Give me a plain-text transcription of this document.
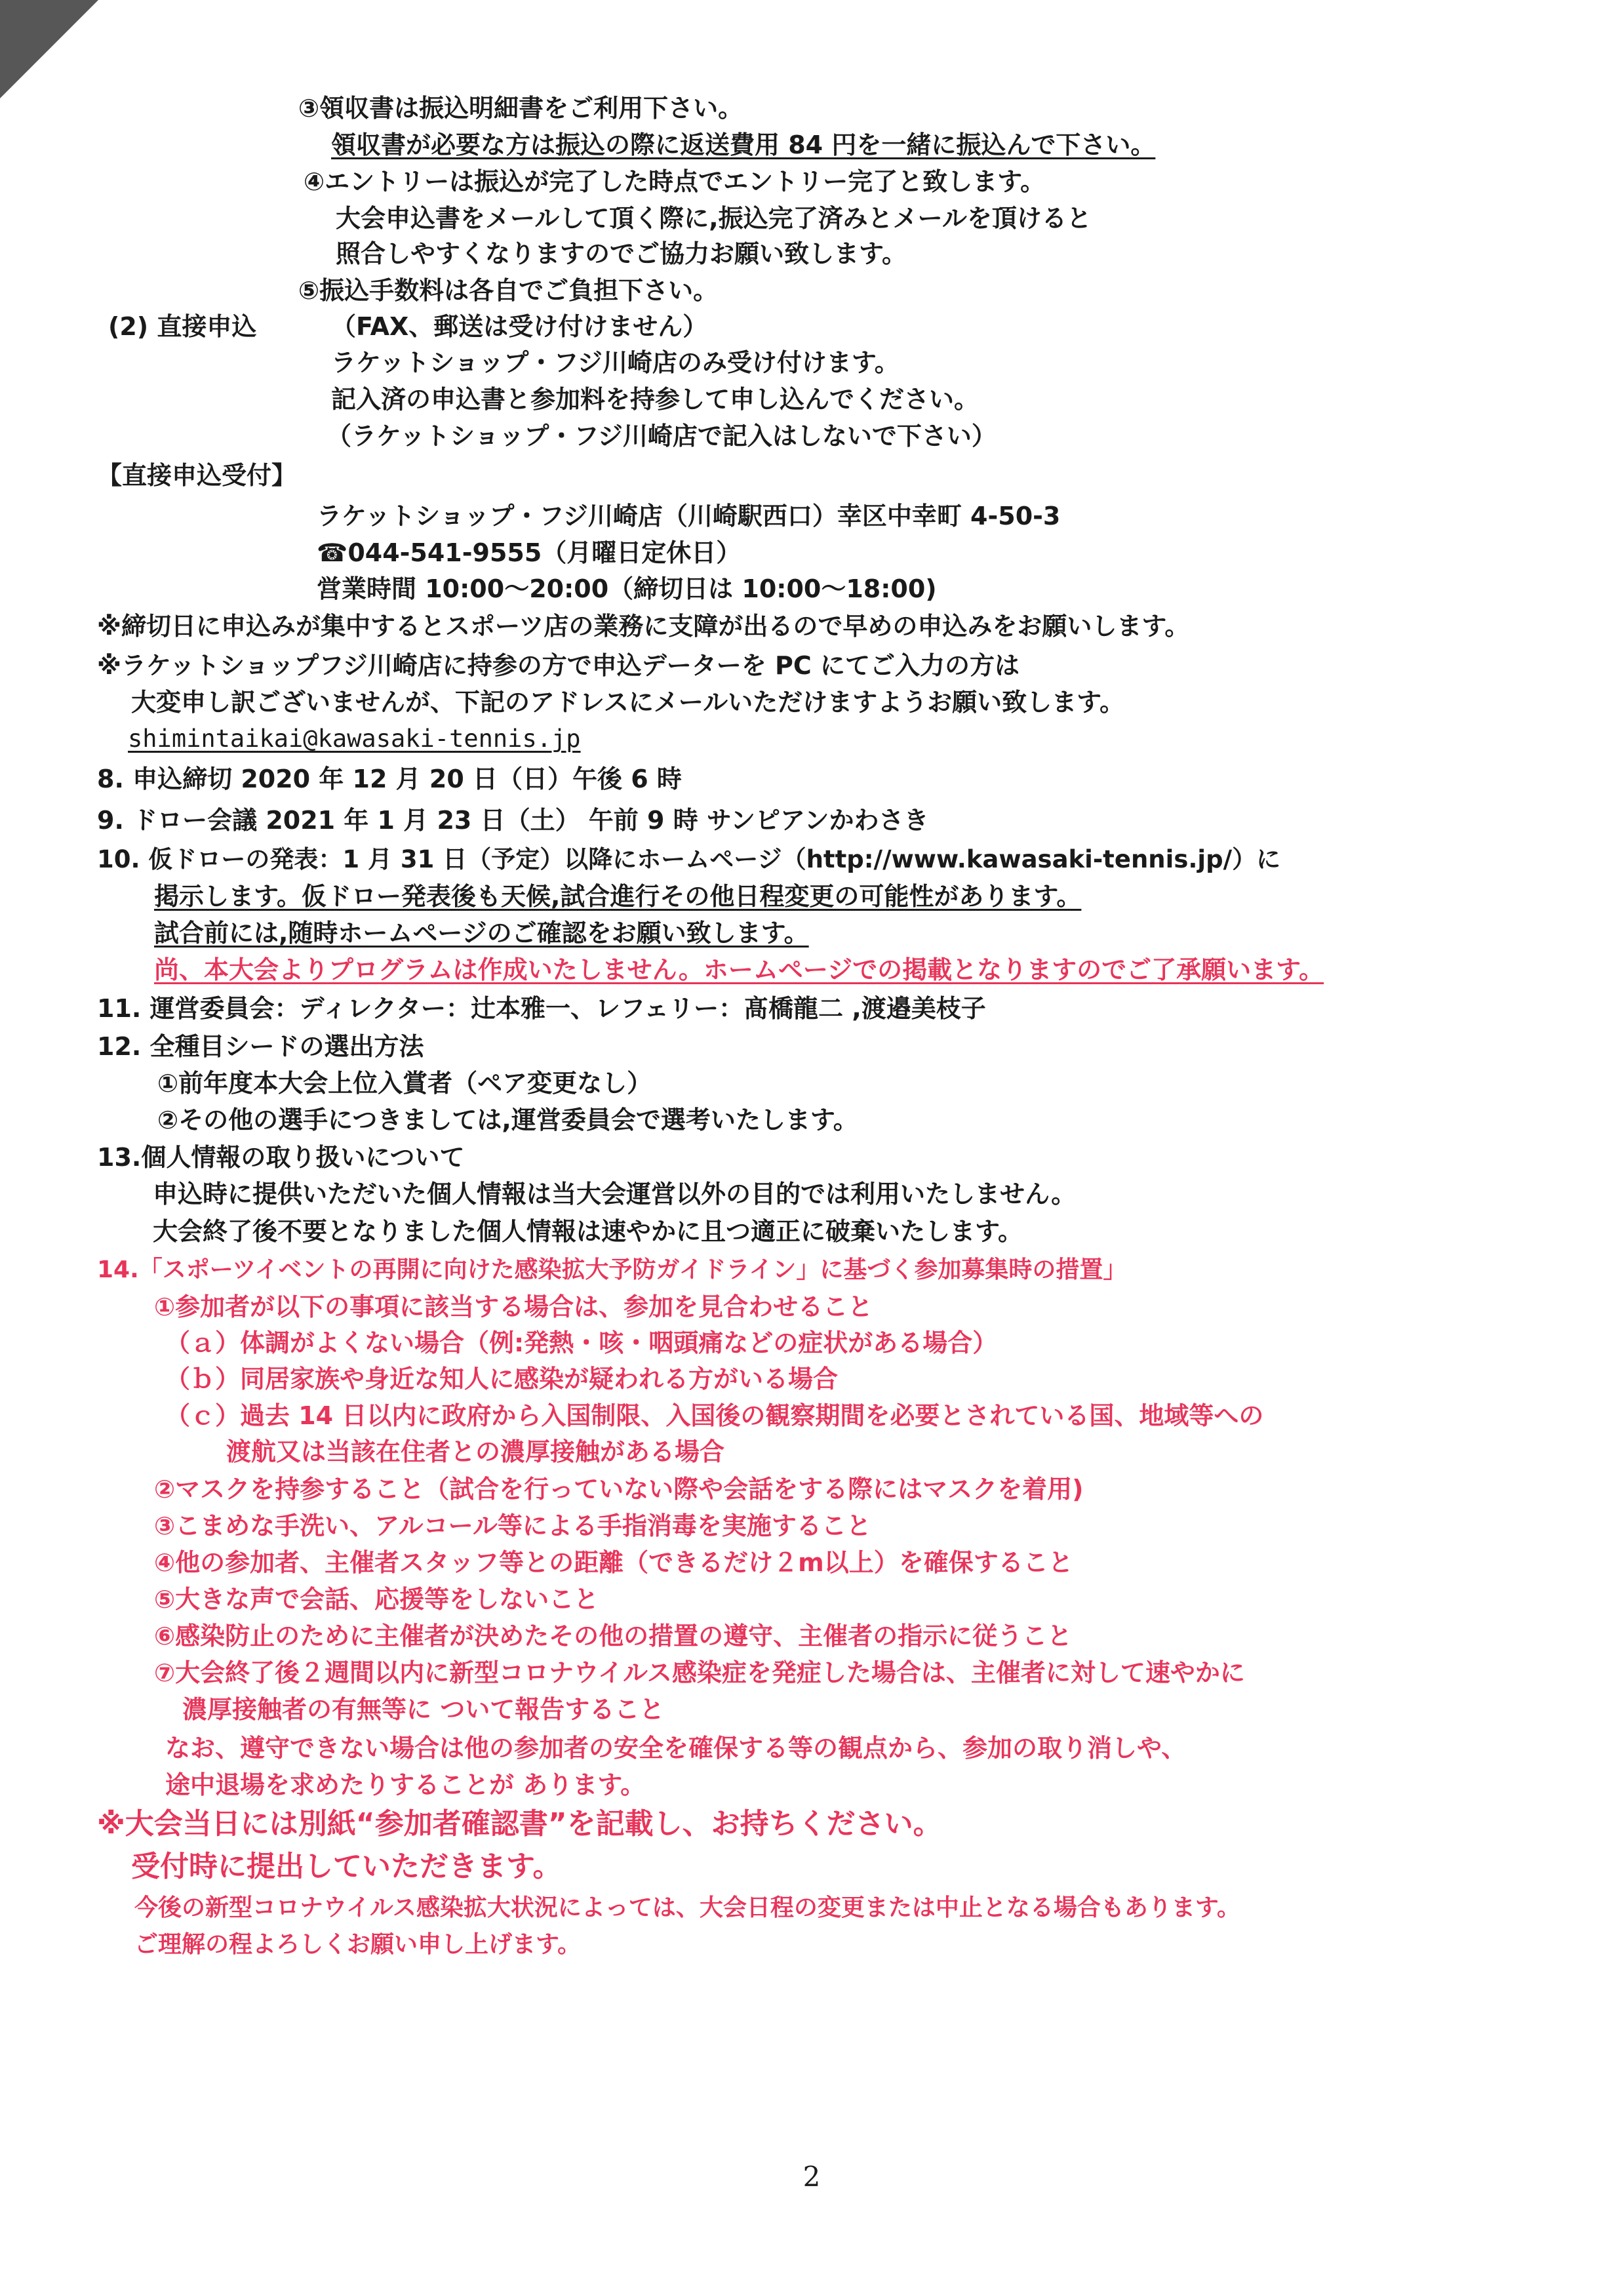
③領収書は振込明細書をご利用下さい。
領収書が必要な方は振込の際に返送費用 84 円を一緒に振込んで下さい。
④エントリーは振込が完了した時点でエントリー完了と致します。
大会申込書をメールして頂く際に,振込完了済みとメールを頂けると
照合しやすくなりますのでご協力お願い致します。
⑤振込手数料は各自でご負担下さい。
(2) 直接申込	（FAX、郵送は受け付けません）
ラケットショップ・フジ川崎店のみ受け付けます。
記入済の申込書と参加料を持参して申し込んでください。
（ラケットショップ・フジ川崎店で記入はしないで下さい）
【直接申込受付】
ラケットショップ・フジ川崎店（川崎駅西口）幸区中幸町 4-50-3
☎044-541-9555（月曜日定休日）
営業時間 10:00～20:00（締切日は 10:00～18:00)
※締切日に申込みが集中するとスポーツ店の業務に支障が出るので早めの申込みをお願いします。
※ラケットショップフジ川崎店に持参の方で申込データーを PC にてご入力の方は
大変申し訳ございませんが、下記のアドレスにメールいただけますようお願い致します。
shimintaikai@kawasaki-tennis.jp
8. 申込締切 2020 年 12 月 20 日（日）午後 6 時
9. ドロー会議 2021 年 1 月 23 日（土） 午前 9 時 サンピアンかわさき
10. 仮ドローの発表：1 月 31 日（予定）以降にホームページ（http://www.kawasaki-tennis.jp/）に
掲示します。仮ドロー発表後も天候,試合進行その他日程変更の可能性があります。
試合前には,随時ホームページのご確認をお願い致します。
尚、本大会よりプログラムは作成いたしません。ホームページでの掲載となりますのでご了承願います。
11. 運営委員会：ディレクター：辻本雅一、レフェリー：髙橋龍二 ,渡邉美枝子
12. 全種目シードの選出方法
①前年度本大会上位入賞者（ペア変更なし）
②その他の選手につきましては,運営委員会で選考いたします。
13.個人情報の取り扱いについて
申込時に提供いただいた個人情報は当大会運営以外の目的では利用いたしません。
大会終了後不要となりました個人情報は速やかに且つ適正に破棄いたします。
14.「スポーツイベントの再開に向けた感染拡大予防ガイドライン」に基づく参加募集時の措置」
①参加者が以下の事項に該当する場合は、参加を見合わせること
（ａ）体調がよくない場合（例:発熱・咳・咽頭痛などの症状がある場合）
（ｂ）同居家族や身近な知人に感染が疑われる方がいる場合
（ｃ）過去 14 日以内に政府から入国制限、入国後の観察期間を必要とされている国、地域等への
渡航又は当該在住者との濃厚接触がある場合
②マスクを持参すること（試合を行っていない際や会話をする際にはマスクを着用)
③こまめな手洗い、アルコール等による手指消毒を実施すること
④他の参加者、主催者スタッフ等との距離（できるだけ２m以上）を確保すること
⑤大きな声で会話、応援等をしないこと
⑥感染防止のために主催者が決めたその他の措置の遵守、主催者の指示に従うこと
⑦大会終了後２週間以内に新型コロナウイルス感染症を発症した場合は、主催者に対して速やかに
濃厚接触者の有無等に ついて報告すること
なお、遵守できない場合は他の参加者の安全を確保する等の観点から、参加の取り消しや、
途中退場を求めたりすることが あります。
※大会当日には別紙“参加者確認書”を記載し、お持ちください。
受付時に提出していただきます。
今後の新型コロナウイルス感染拡大状況によっては、大会日程の変更または中止となる場合もあります。
ご理解の程よろしくお願い申し上げます。
2
